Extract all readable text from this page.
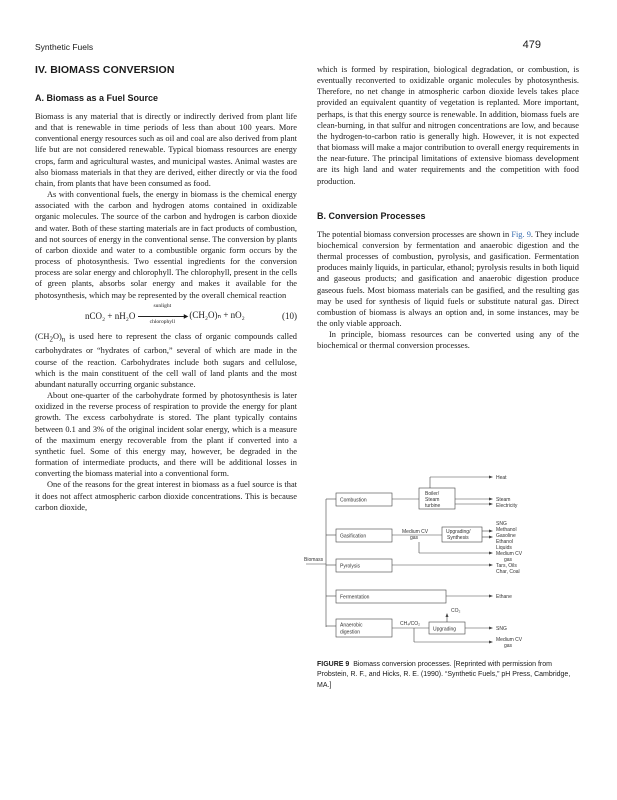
Synthetic Fuels	479
IV. BIOMASS CONVERSION
A. Biomass as a Fuel Source

Biomass is any material that is directly or indirectly derived from plant life and that is renewable in time periods of less than about 100 years. More conventional energy resources such as oil and coal are also derived from plant life but are not considered renewable. Typical biomass resources are energy crops, farm and agricultural wastes, and municipal wastes. Animal wastes are also biomass materials in that they are derived, either directly or via the food chain, from plants that have been consumed as food.

As with conventional fuels, the energy in biomass is the chemical energy associated with the carbon and hydrogen atoms contained in oxidizable organic molecules. The source of the carbon and hydrogen is carbon dioxide and water. Both of these starting materials are in fact products of combustion, and not sources of energy in the conventional sense. The conversion by plants of carbon dioxide and water to a combustible organic form occurs by the process of photosynthesis. Two essential ingredients for the conversion process are solar energy and chlorophyll. The chlorophyll, present in the cells of green plants, absorbs solar energy and makes it available for the photosynthesis, which may be represented by the overall chemical reaction

nCO₂ + nH₂O
sunlight
▶
chlorophyll
(CH₂O)ₙ + nO₂	(10)

$(CH_2O)_n$ is used here to represent the class of organic compounds called carbohydrates or “hydrates of carbon,” several of which are made in the course of the reaction. Carbohydrates include both sugars and cellulose, which is the main constituent of the cell wall of land plants and the most abundant naturally occurring organic substance.

About one-quarter of the carbohydrate formed by photosynthesis is later oxidized in the reverse process of respiration to provide the energy for plant growth. The excess carbohydrate is stored. The plant typically contains between 0.1 and 3% of the original incident solar energy, which is a measure of the maximum energy recoverable from the plant if converted into a synthetic fuel. Some of this energy may, however, be degraded in the formation of intermediate products, and there will be additional losses in converting the biomass material into a conventional form.

One of the reasons for the great interest in biomass as a fuel source is that it does not affect atmospheric carbon dioxide concentrations. This is because carbon dioxide,

which is formed by respiration, biological degradation, or combustion, is eventually reconverted to oxidizable organic molecules by photosynthesis. Therefore, no net change in atmospheric carbon dioxide levels takes place provided an equivalent quantity of vegetation is replanted. More important, perhaps, is that this energy source is renewable. In addition, biomass fuels are clean-burning, in that sulfur and nitrogen concentrations are low, and because the hydrogen-to-carbon ratio is generally high. However, it is not expected that biomass will make a major contribution to overall energy requirements in the near-future. The principal limitations of extensive biomass development are its high land and water requirements and the competition with food production.

B. Conversion Processes

The potential biomass conversion processes are shown in Fig. 9. They include biochemical conversion by fermentation and anaerobic digestion and the thermal processes of combustion, pyrolysis, and gasification. Fermentation produces mainly liquids, in particular, ethanol; pyrolysis results in both liquid and gaseous products; and gasification and anaerobic digestion produce gaseous fuels. Most biomass materials can be gasified, and the resulting gas may be used for synthesis of liquid fuels or substitute natural gas. Direct combustion of biomass is always an option and, in some instances, may be the only viable approach.

In principle, biomass resources can be converted using any of the biochemical or thermal conversion processes.

Biomass
Combustion
Gasification
Pyrolysis
Fermentation
Anaerobic
digestion
Boiler/
Steam
turbine
Medium CV
gas
Upgrading/
Synthesis
Upgrading
CH₄/CO₂
CO₂
Heat
Steam
Electricity
SNG
Methanol
Gasoline
Ethanol
Liquids
Medium CV
gas
Tars, Oils
Char, Coal
Ethane
SNG
Medium CV
gas
FIGURE 9 Biomass conversion processes. [Reprinted with permission from Probstein, R. F., and Hicks, R. E. (1990). “Synthetic Fuels,” pH Press, Cambridge, MA.]
